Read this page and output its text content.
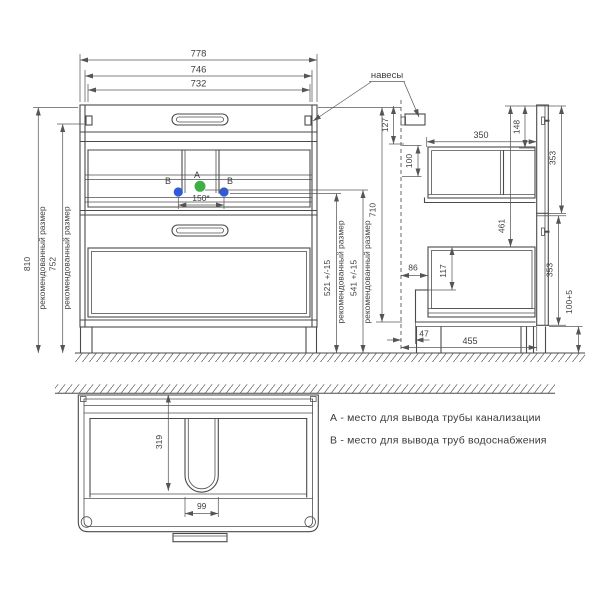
A
B	B
150*
778
746
732
навесы
810 рекомендованный размер 752 рекомендованный размер	521 +/-15 рекомендованный размер 541 +/-15 рекомендованный размер
710
127
100
350
148
461
353
353
86 117
100+5
47
455
319
99
А - место для вывода трубы канализации
В - место для вывода труб водоснабжения
